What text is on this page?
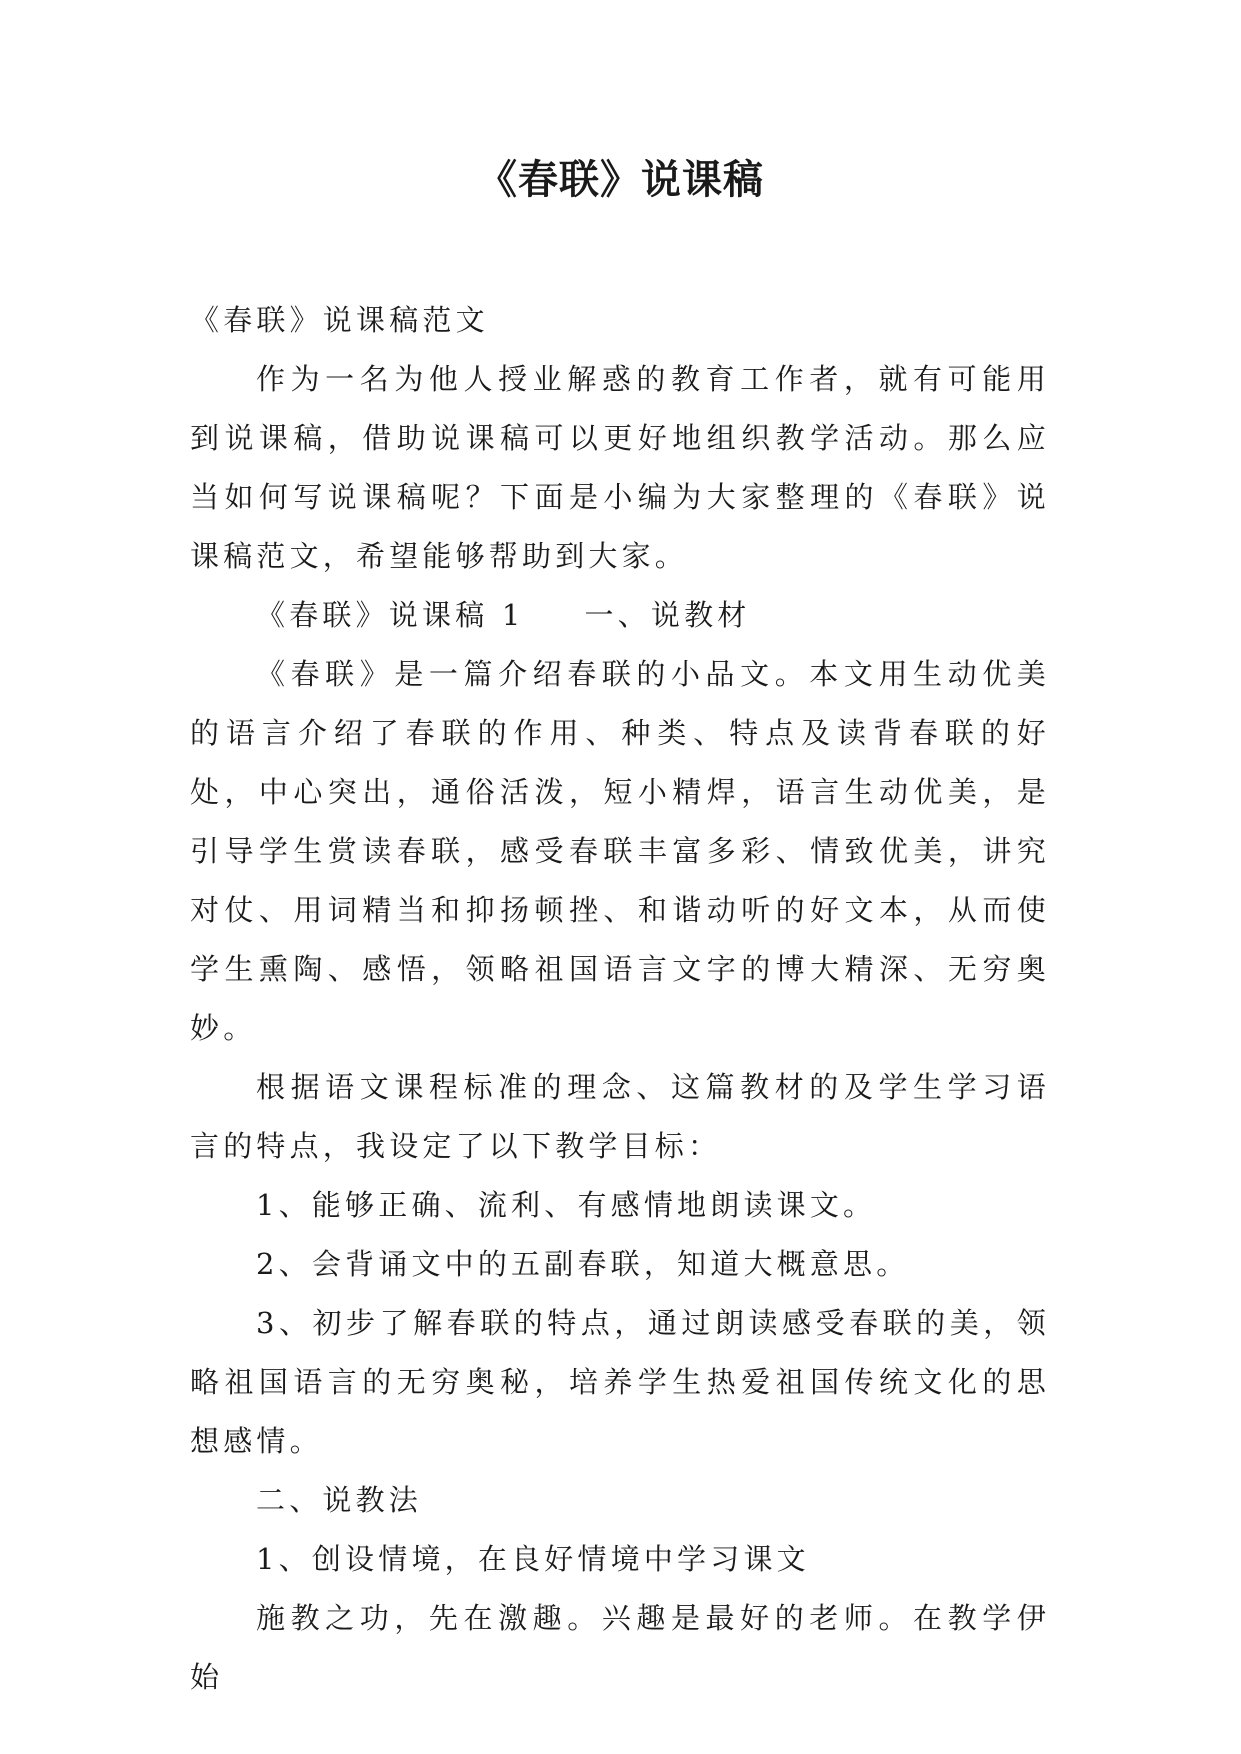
《春联》说课稿

《春联》说课稿范文

作为一名为他人授业解惑的教育工作者，就有可能用到说课稿，借助说课稿可以更好地组织教学活动。那么应当如何写说课稿呢？下面是小编为大家整理的《春联》说课稿范文，希望能够帮助到大家。

《春联》说课稿 1 一、说教材

《春联》是一篇介绍春联的小品文。本文用生动优美的语言介绍了春联的作用、种类、特点及读背春联的好处，中心突出，通俗活泼，短小精焊，语言生动优美，是引导学生赏读春联，感受春联丰富多彩、情致优美，讲究对仗、用词精当和抑扬顿挫、和谐动听的好文本，从而使学生熏陶、感悟，领略祖国语言文字的博大精深、无穷奥妙。

根据语文课程标准的理念、这篇教材的及学生学习语言的特点，我设定了以下教学目标：

1、能够正确、流利、有感情地朗读课文。

2、会背诵文中的五副春联，知道大概意思。

3、初步了解春联的特点，通过朗读感受春联的美，领略祖国语言的无穷奥秘，培养学生热爱祖国传统文化的思想感情。

二、说教法

1、创设情境，在良好情境中学习课文

施教之功，先在激趣。兴趣是最好的老师。在教学伊始
